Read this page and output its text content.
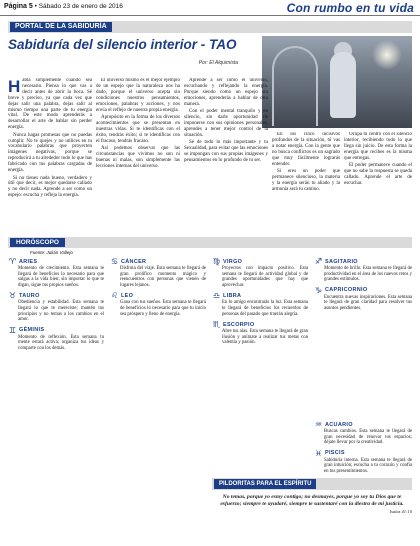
Página 5 • Sábado 23 de enero de 2016	Con rumbo en tu vida
PORTAL DE LA SABIDURÍA
Sabiduría del silencio interior - TAO
Por: El Alquimista
H abla simplemente cuando sea necesario. Piensa lo que vas a decir antes de abrir la boca. Sé breve y preciso, ya que cada vez que dejas salir una palabra, dejas salir al mismo tiempo una parte de tu energía vital. De este modo aprenderás a desarrollar el arte de hablar sin perder energía.

Nunca hagas promesas que no puedas cumplir. No te quejes y no utilices en tu vocabulario palabras que proyecten imágenes negativas, porque se reproducirá a tu alrededor todo lo que has fabricado con tus palabras cargadas de energía.

Si no tienes nada bueno, verdadero y útil que decir, es mejor quedarse callado y no decir nada. Aprende a ser como un espejo: escucha y refleja la energía.

El universo mismo es el mejor ejemplo de un espejo que la naturaleza nos ha dado, porque el universo acepta sin condiciones nuestros pensamientos, emociones, palabras y acciones, y nos envía el reflejo de nuestra propia energía.

Apropósito en la forma de los diversos acontecimientos que se presentan en nuestras vidas. Si te identificas con el éxito, tendrás éxito; si te identificas con el fracaso, tendrás fracaso.

Así podemos observar que las circunstancias que vivimos no son ni buenas ni malas, son simplemente las lecciones internas del universo.

Aprende a ser como el universo, escuchando y reflejando la energía. Porque siendo como un espejo sin emociones, aprenderás a hablar de otra manera.

Con el poder mental tranquilo y en silencio, sin darle oportunidad de imponerse con sus opiniones personales, aprendes a tener mejor control de la situación.

Sé de todo lo más importante y tu Sexualidad, para evitar que las emociones se impongan con sus propias imágenes y pensamientos en lo profundo de tu ser.

En los cinco incisivos profundos de la situación, tú vas a notar energía. Con la gente que no busca conflictos es un sagrado que muy fácilmente lograrás entender.

Si eres un poder que permanece silencioso, la materia y la energía serán tu aliado y la armonía será tu camino.

Ocupa tu centro con el silencio interior, recibiendo todo lo que llega sin juicio. De esta forma la energía que recibes es la misma que entregas.

El poder permanece cuando el que no sabe la respuesta se queda callado. Aprende el arte de escuchar.

HORÓSCOPO
Fuente: Julián Vallejo
♈ ARIES
Momento de crecimiento. Esta semana te llegará de beneficios lo necesario para que salgas a la vida bien; sin importar lo que te digan, sigue tus propios sueños.
♉ TAURO
Obediencia y estabilidad. Esta semana te llegará lo que te mereciste; mantén tus principios y no temas a los cambios en el amor.
♊ GÉMINIS
Momento de reflexión. Esta semana tu mente estará activa; organiza tus ideas y comparte con los demás.
♋ CÁNCER
Disfruta del viaje. Esta semana te llegará de gran prolífico momento mágico y reencuentros con personas que vienen de lugares lejanos.
♌ LEO
Gana con tus sueños. Esta semana te llegará de beneficios lo necesario para que tu inicio sea próspero y lleno de energía.
♍ VIRGO
Proyectos con impacto positivo. Esta semana te llegará de actividad global y de grandes oportunidades que hay que aprovechar.
♎ LIBRA
En lo amigo encontrarás la luz. Esta semana te llegará de beneficios los recuerdos de personas del pasado que traerán alegría.
♏ ESCORPIO
Abre tus alas. Esta semana te llegará de gran ilusión y anímate a realizar tus metas con valentía y pasión.
♐ SAGITARIO
Momento de brillo. Esta semana te llegará de productividad en el área de los nuevos retos y grandes estímulos.
♑ CAPRICORNIO
Encuentra nuevas inspiraciones. Esta semana te llegará de gran claridad para resolver tus asuntos pendientes.
♒ ACUARIO
Buscas cambios. Esta semana te llegará de gran necesidad de renovar tus espacios; déjate llevar por la creatividad.
♓ PISCIS
Sabiduría interna. Esta semana te llegará de gran intuición; escucha a tu corazón y confía en tus presentimientos.
PILDORITAS PARA EL ESPÍRITU
No temas, porque yo estoy contigo; no desmayes, porque yo soy tu Dios que te esfuerzo; siempre te ayudaré, siempre te sustentaré con la diestra de mi justicia.
Isaías 41:10
